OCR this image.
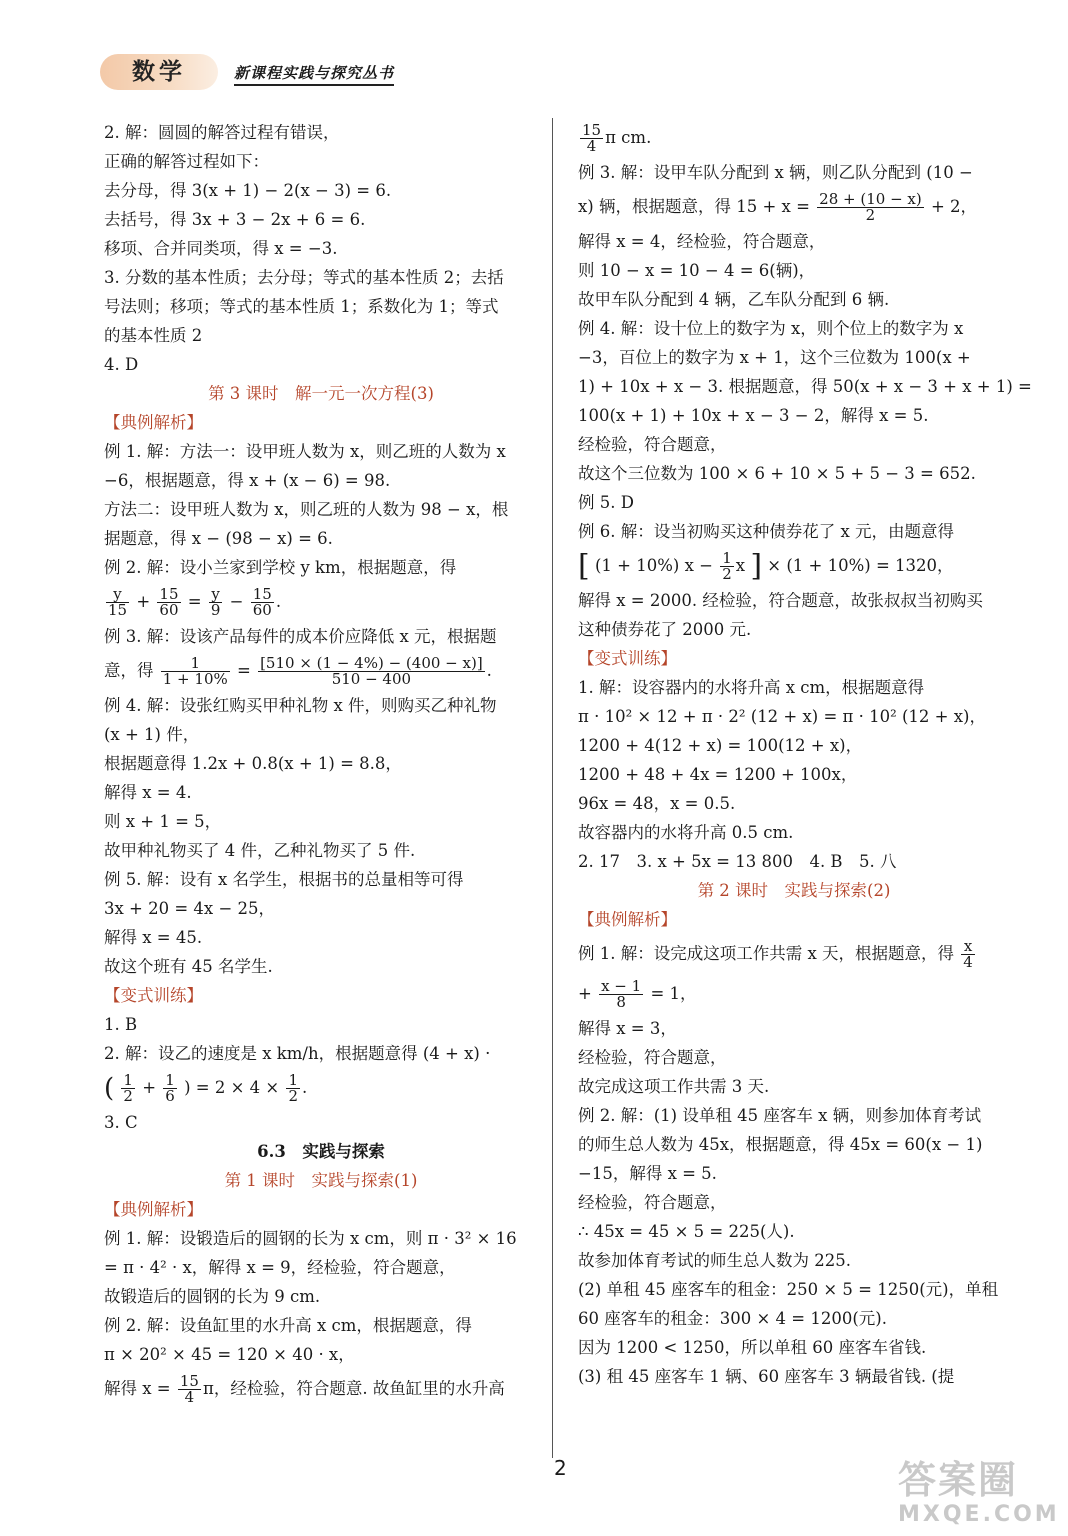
数学	新课程实践与探究丛书
2. 解：圆圆的解答过程有错误，
正确的解答过程如下：
去分母，得 3(x + 1) − 2(x − 3) = 6.
去括号，得 3x + 3 − 2x + 6 = 6.
移项、合并同类项，得 x = −3.
3. 分数的基本性质；去分母；等式的基本性质 2；去括
号法则；移项；等式的基本性质 1；系数化为 1；等式
的基本性质 2
4. D
第 3 课时　解一元一次方程(3)
【典例解析】
例 1. 解：方法一：设甲班人数为 x，则乙班的人数为 x
−6，根据题意，得 x + (x − 6) = 98.
方法二：设甲班人数为 x，则乙班的人数为 98 − x，根
据题意，得 x − (98 − x) = 6.
例 2. 解：设小兰家到学校 y km，根据题意，得
$\frac{y}{15} + \frac{15}{60} = \frac{y}{9} - \frac{15}{60}$ .
例 3. 解：设该产品每件的成本价应降低 x 元，根据题
意，得 $\frac{1}{1 + 10\%} = \frac{[510 \times (1 - 4\%) - (400 - x)]}{510 - 400}$ .
例 4. 解：设张红购买甲种礼物 x 件，则购买乙种礼物
(x + 1) 件，
根据题意得 1.2x + 0.8(x + 1) = 8.8，
解得 x = 4.
则 x + 1 = 5，
故甲种礼物买了 4 件，乙种礼物买了 5 件.
例 5. 解：设有 x 名学生，根据书的总量相等可得
3x + 20 = 4x − 25，
解得 x = 45.
故这个班有 45 名学生.
【变式训练】
1. B
2. 解：设乙的速度是 x km/h，根据题意得 (4 + x) ·
( $\frac{1}{2} + \frac{1}{6}$ ) = $2 \times 4 \times \frac{1}{2}$ .
3. C
6.3　实践与探索
第 1 课时　实践与探索(1)
【典例解析】
例 1. 解：设锻造后的圆钢的长为 x cm，则 π · 3² × 16
= π · 4² · x，解得 x = 9，经检验，符合题意，
故锻造后的圆钢的长为 9 cm.
例 2. 解：设鱼缸里的水升高 x cm，根据题意，得
π × 20² × 45 = 120 × 40 · x，
解得 $x = \frac{15}{4}$ π，经检验，符合题意. 故鱼缸里的水升高
$\frac{15}{4}$ π cm.
例 3. 解：设甲车队分配到 x 辆，则乙队分配到 (10 −
x) 辆，根据题意，得 $15 + x = \frac{28 + (10 - x)}{2} + 2$，
解得 x = 4，经检验，符合题意，
则 10 − x = 10 − 4 = 6(辆)，
故甲车队分配到 4 辆，乙车队分配到 6 辆.
例 4. 解：设十位上的数字为 x，则个位上的数字为 x
−3，百位上的数字为 x + 1，这个三位数为 100(x +
1) + 10x + x − 3. 根据题意，得 50(x + x − 3 + x + 1) =
100(x + 1) + 10x + x − 3 − 2，解得 x = 5.
经检验，符合题意，
故这个三位数为 100 × 6 + 10 × 5 + 5 − 3 = 652.
例 5. D
例 6. 解：设当初购买这种债券花了 x 元，由题意得
[ (1 + 10%) $x - \frac{1}{2}$ x ] × (1 + 10%) = 1320，
解得 x = 2000. 经检验，符合题意，故张叔叔当初购买
这种债券花了 2000 元.
【变式训练】
1. 解：设容器内的水将升高 x cm，根据题意得
π · 10² × 12 + π · 2² (12 + x) = π · 10² (12 + x)，
1200 + 4(12 + x) = 100(12 + x)，
1200 + 48 + 4x = 1200 + 100x，
96x = 48，x = 0.5.
故容器内的水将升高 0.5 cm.
2. 17　3. x + 5x = 13 800　4. B　5. 八
第 2 课时　实践与探索(2)
【典例解析】
例 1. 解：设完成这项工作共需 x 天，根据题意，得 $\frac{x}{4}$
+ $\frac{x - 1}{8} = 1$，
解得 x = 3，
经检验，符合题意，
故完成这项工作共需 3 天.
例 2. 解：(1) 设单租 45 座客车 x 辆，则参加体育考试
的师生总人数为 45x，根据题意，得 45x = 60(x − 1)
−15，解得 x = 5.
经检验，符合题意，
∴ 45x = 45 × 5 = 225(人).
故参加体育考试的师生总人数为 225.
(2) 单租 45 座客车的租金：250 × 5 = 1250(元)，单租
60 座客车的租金：300 × 4 = 1200(元).
因为 1200 < 1250，所以单租 60 座客车省钱.
(3) 租 45 座客车 1 辆、60 座客车 3 辆最省钱. (提
2	答案圈
MXQE.COM
